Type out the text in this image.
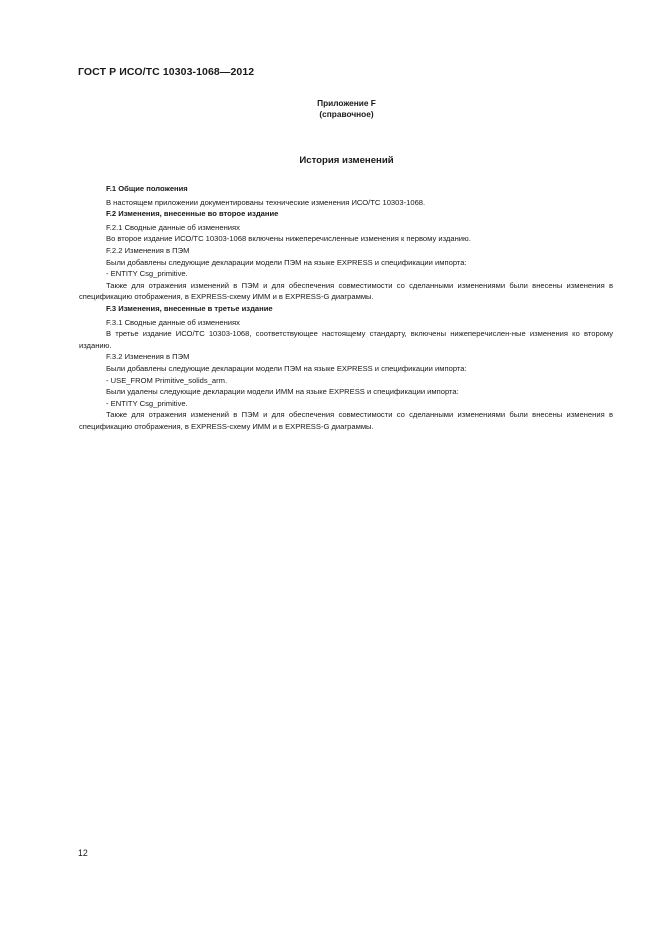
ГОСТ Р ИСО/ТС 10303-1068—2012
Приложение F
(справочное)
История изменений

F.1 Общие положения

В настоящем приложении документированы технические изменения ИСО/ТС 10303-1068.

F.2 Изменения, внесенные во второе издание

F.2.1 Сводные данные об изменениях

Во второе издание ИСО/ТС 10303-1068 включены нижеперечисленные изменения к первому изданию.

F.2.2 Изменения в ПЭМ

Были добавлены следующие декларации модели ПЭМ на языке EXPRESS и спецификации импорта:

- ENTITY Csg_primitive.

Также для отражения изменений в ПЭМ и для обеспечения совместимости со сделанными изменениями были внесены изменения в спецификацию отображения, в EXPRESS-схему ИММ и в EXPRESS-G диаграммы.

F.3 Изменения, внесенные в третье издание

F.3.1 Сводные данные об изменениях

В третье издание ИСО/ТС 10303-1068, соответствующее настоящему стандарту, включены нижеперечислен-ные изменения ко второму изданию.

F.3.2 Изменения в ПЭМ

Были добавлены следующие декларации модели ПЭМ на языке EXPRESS и спецификации импорта:

- USE_FROM Primitive_solids_arm.

Были удалены следующие декларации модели ИММ на языке EXPRESS и спецификации импорта:

- ENTITY Csg_primitive.

Также для отражения изменений в ПЭМ и для обеспечения совместимости со сделанными изменениями были внесены изменения в спецификацию отображения, в EXPRESS-схему ИММ и в EXPRESS-G диаграммы.

12
